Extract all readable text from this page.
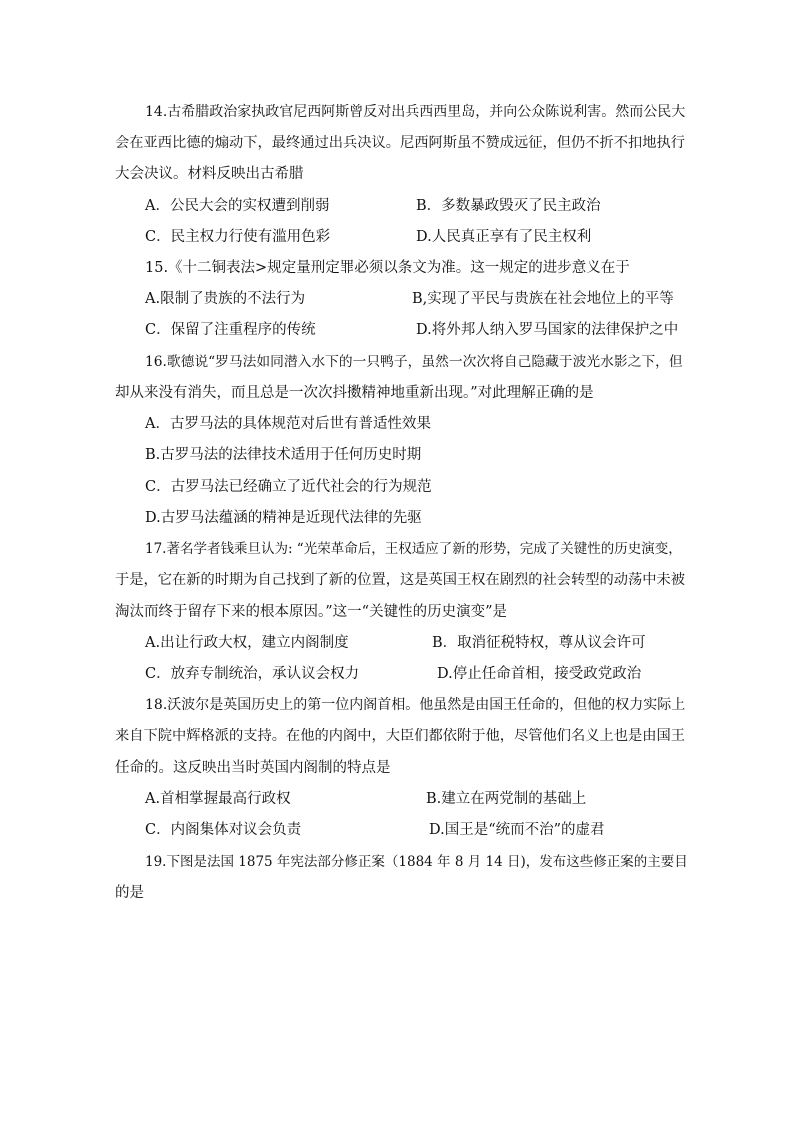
14.古希腊政治家执政官尼西阿斯曾反对出兵西西里岛，并向公众陈说利害。然而公民大
会在亚西比德的煽动下，最终通过出兵决议。尼西阿斯虽不赞成远征，但仍不折不扣地执行
大会决议。材料反映出古希腊
A．公民大会的实权遭到削弱	B．多数暴政毁灭了民主政治
C．民主权力行使有滥用色彩	D.人民真正享有了民主权利
15.《十二铜表法>规定量刑定罪必须以条文为准。这一规定的进步意义在于
A.限制了贵族的不法行为	B,实现了平民与贵族在社会地位上的平等
C．保留了注重程序的传统	D.将外邦人纳入罗马国家的法律保护之中
16.歌德说“罗马法如同潜入水下的一只鸭子，虽然一次次将自己隐藏于波光水影之下，但
却从来没有消失，而且总是一次次抖擞精神地重新出现。”对此理解正确的是
A．古罗马法的具体规范对后世有普适性效果
B.古罗马法的法律技术适用于任何历史时期
C．古罗马法已经确立了近代社会的行为规范
D.古罗马法蕴涵的精神是近现代法律的先驱
17.著名学者钱乘旦认为: “光荣革命后，王权适应了新的形势，完成了关键性的历史演变，
于是，它在新的时期为自己找到了新的位置，这是英国王权在剧烈的社会转型的动荡中未被
淘汰而终于留存下来的根本原因。”这一“关键性的历史演变”是
A.出让行政大权，建立内阁制度	B．取消征税特权，尊从议会许可
C．放弃专制统治，承认议会权力	D.停止任命首相，接受政党政治
18.沃波尔是英国历史上的第一位内阁首相。他虽然是由国王任命的，但他的权力实际上
来自下院中辉格派的支持。在他的内阁中，大臣们都依附于他，尽管他们名义上也是由国王
任命的。这反映出当时英国内阁制的特点是
A.首相掌握最高行政权	B.建立在两党制的基础上
C．内阁集体对议会负责	D.国王是“统而不治”的虚君
19.下图是法国 1875 年宪法部分修正案（1884 年 8 月 14 日)，发布这些修正案的主要目
的是
